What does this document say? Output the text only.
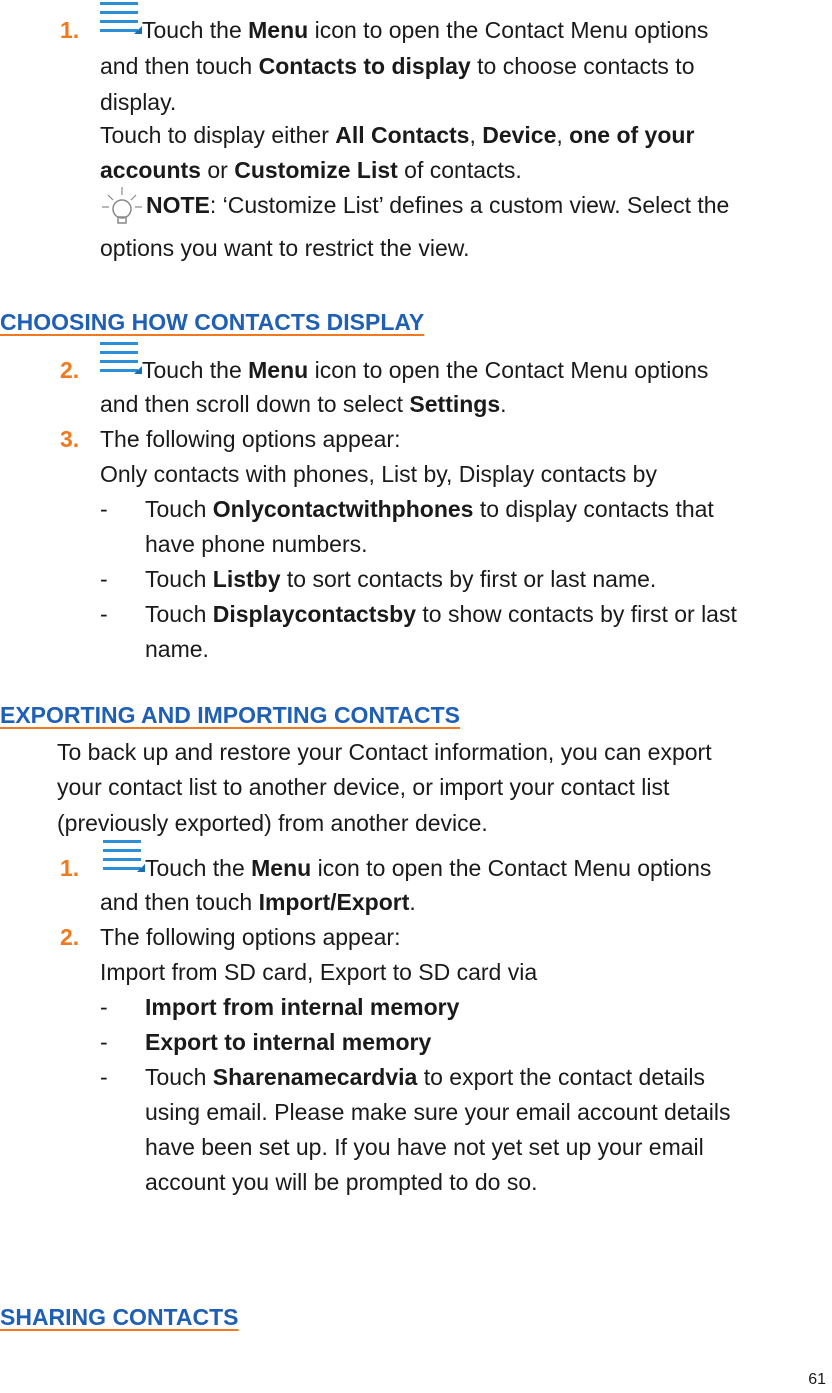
1.	Touch the Menu icon to open the Contact Menu options
and then touch Contacts to display to choose contacts to
display.
Touch to display either All Contacts, Device, one of your
accounts or Customize List of contacts.
NOTE: ‘Customize List’ defines a custom view. Select the
options you want to restrict the view.
CHOOSING HOW CONTACTS DISPLAY
2.	Touch the Menu icon to open the Contact Menu options
and then scroll down to select Settings.
3. The following options appear:
Only contacts with phones, List by, Display contacts by
- Touch Onlycontactwithphones to display contacts that
have phone numbers.
- Touch Listby to sort contacts by first or last name.
- Touch Displaycontactsby to show contacts by first or last
name.
EXPORTING AND IMPORTING CONTACTS
To back up and restore your Contact information, you can export
your contact list to another device, or import your contact list
(previously exported) from another device.
1.	Touch the Menu icon to open the Contact Menu options
and then touch Import/Export.
2. The following options appear:
Import from SD card, Export to SD card via
- Import from internal memory
- Export to internal memory
- Touch Sharenamecardvia to export the contact details
using email. Please make sure your email account details
have been set up. If you have not yet set up your email
account you will be prompted to do so.
SHARING CONTACTS
61
